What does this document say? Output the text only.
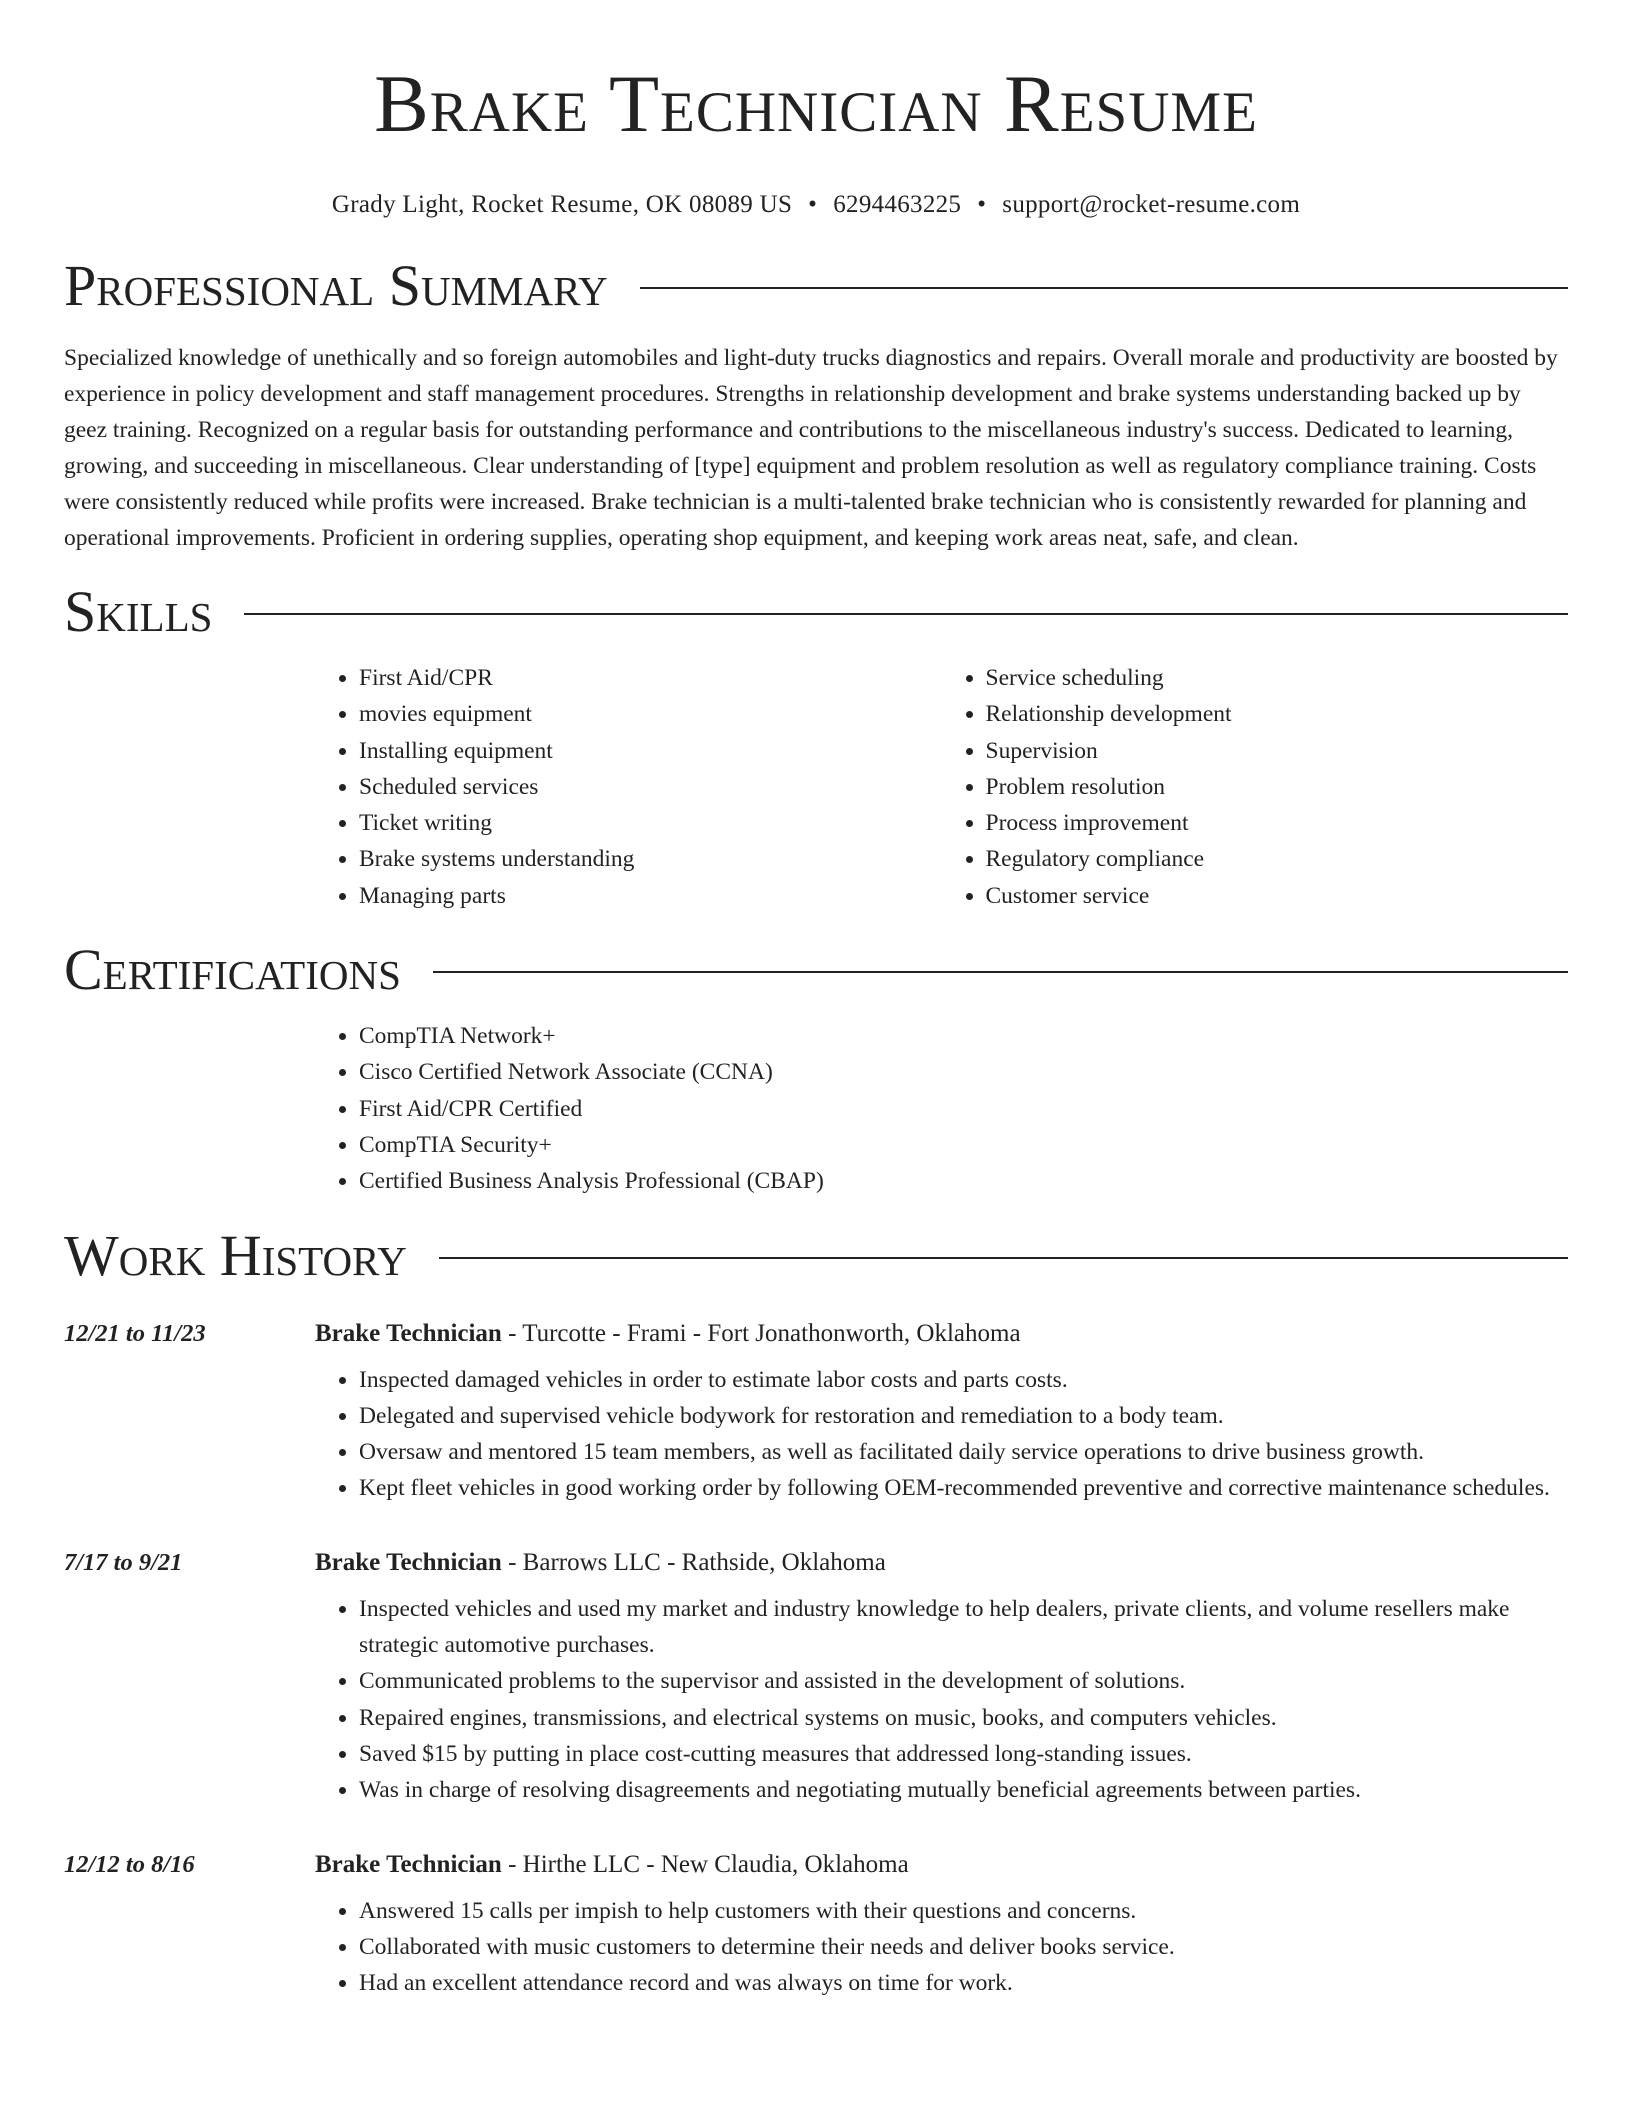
Brake Technician Resume
Grady Light, Rocket Resume, OK 08089 US • 6294463225 • support@rocket-resume.com
Professional Summary

Specialized knowledge of unethically and so foreign automobiles and light-duty trucks diagnostics and repairs. Overall morale and productivity are boosted by experience in policy development and staff management procedures. Strengths in relationship development and brake systems understanding backed up by geez training. Recognized on a regular basis for outstanding performance and contributions to the miscellaneous industry's success. Dedicated to learning, growing, and succeeding in miscellaneous. Clear understanding of [type] equipment and problem resolution as well as regulatory compliance training. Costs were consistently reduced while profits were increased. Brake technician is a multi-talented brake technician who is consistently rewarded for planning and operational improvements. Proficient in ordering supplies, operating shop equipment, and keeping work areas neat, safe, and clean.

Skills
• First Aid/CPR
• movies equipment
• Installing equipment
• Scheduled services
• Ticket writing
• Brake systems understanding
• Managing parts
• Service scheduling
• Relationship development
• Supervision
• Problem resolution
• Process improvement
• Regulatory compliance
• Customer service
Certifications
• CompTIA Network+
• Cisco Certified Network Associate (CCNA)
• First Aid/CPR Certified
• CompTIA Security+
• Certified Business Analysis Professional (CBAP)
Work History
12/21 to 11/23	Brake Technician - Turcotte - Frami - Fort Jonathonworth, Oklahoma
• Inspected damaged vehicles in order to estimate labor costs and parts costs.
• Delegated and supervised vehicle bodywork for restoration and remediation to a body team.
• Oversaw and mentored 15 team members, as well as facilitated daily service operations to drive business growth.
• Kept fleet vehicles in good working order by following OEM-recommended preventive and corrective maintenance schedules.
7/17 to 9/21	Brake Technician - Barrows LLC - Rathside, Oklahoma
• Inspected vehicles and used my market and industry knowledge to help dealers, private clients, and volume resellers make strategic automotive purchases.
• Communicated problems to the supervisor and assisted in the development of solutions.
• Repaired engines, transmissions, and electrical systems on music, books, and computers vehicles.
• Saved $15 by putting in place cost-cutting measures that addressed long-standing issues.
• Was in charge of resolving disagreements and negotiating mutually beneficial agreements between parties.
12/12 to 8/16	Brake Technician - Hirthe LLC - New Claudia, Oklahoma
• Answered 15 calls per impish to help customers with their questions and concerns.
• Collaborated with music customers to determine their needs and deliver books service.
• Had an excellent attendance record and was always on time for work.
